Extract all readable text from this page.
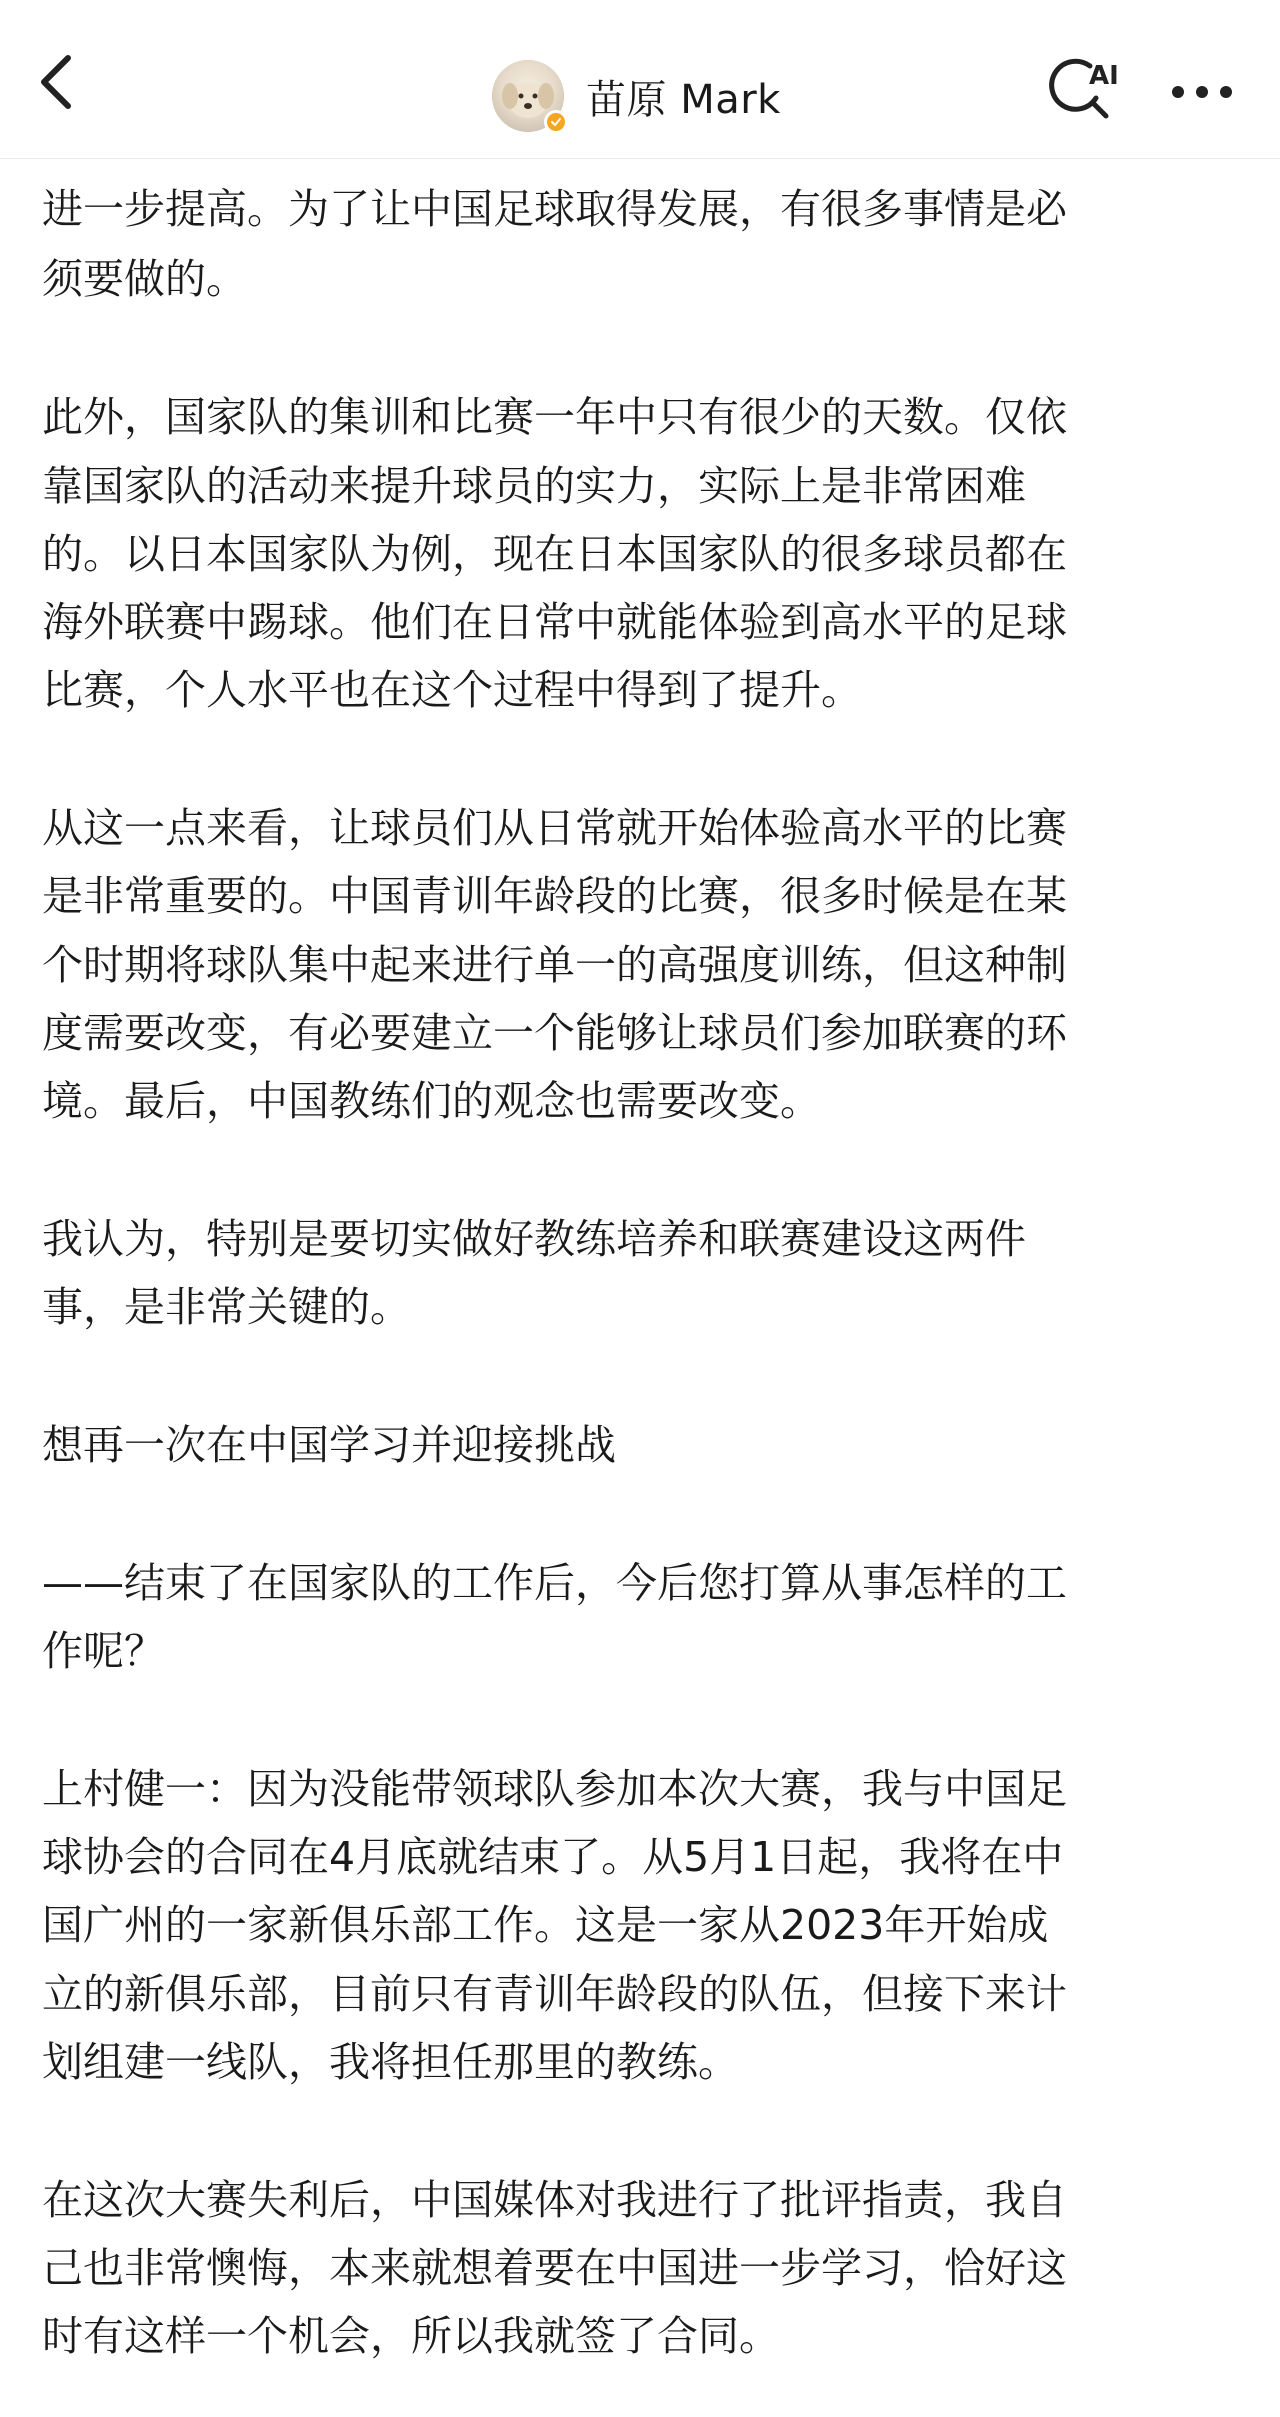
苗原 Mark
AI
进一步提高。为了让中国足球取得发展，有很多事情是必
须要做的。
此外，国家队的集训和比赛一年中只有很少的天数。仅依
靠国家队的活动来提升球员的实力，实际上是非常困难
的。以日本国家队为例，现在日本国家队的很多球员都在
海外联赛中踢球。他们在日常中就能体验到高水平的足球
比赛，个人水平也在这个过程中得到了提升。
从这一点来看，让球员们从日常就开始体验高水平的比赛
是非常重要的。中国青训年龄段的比赛，很多时候是在某
个时期将球队集中起来进行单一的高强度训练，但这种制
度需要改变，有必要建立一个能够让球员们参加联赛的环
境。最后，中国教练们的观念也需要改变。
我认为，特别是要切实做好教练培养和联赛建设这两件
事，是非常关键的。
想再一次在中国学习并迎接挑战
——结束了在国家队的工作后，今后您打算从事怎样的工
作呢？
上村健一：因为没能带领球队参加本次大赛，我与中国足
球协会的合同在4月底就结束了。从5月1日起，我将在中
国广州的一家新俱乐部工作。这是一家从2023年开始成
立的新俱乐部，目前只有青训年龄段的队伍，但接下来计
划组建一线队，我将担任那里的教练。
在这次大赛失利后，中国媒体对我进行了批评指责，我自
己也非常懊悔，本来就想着要在中国进一步学习，恰好这
时有这样一个机会，所以我就签了合同。
